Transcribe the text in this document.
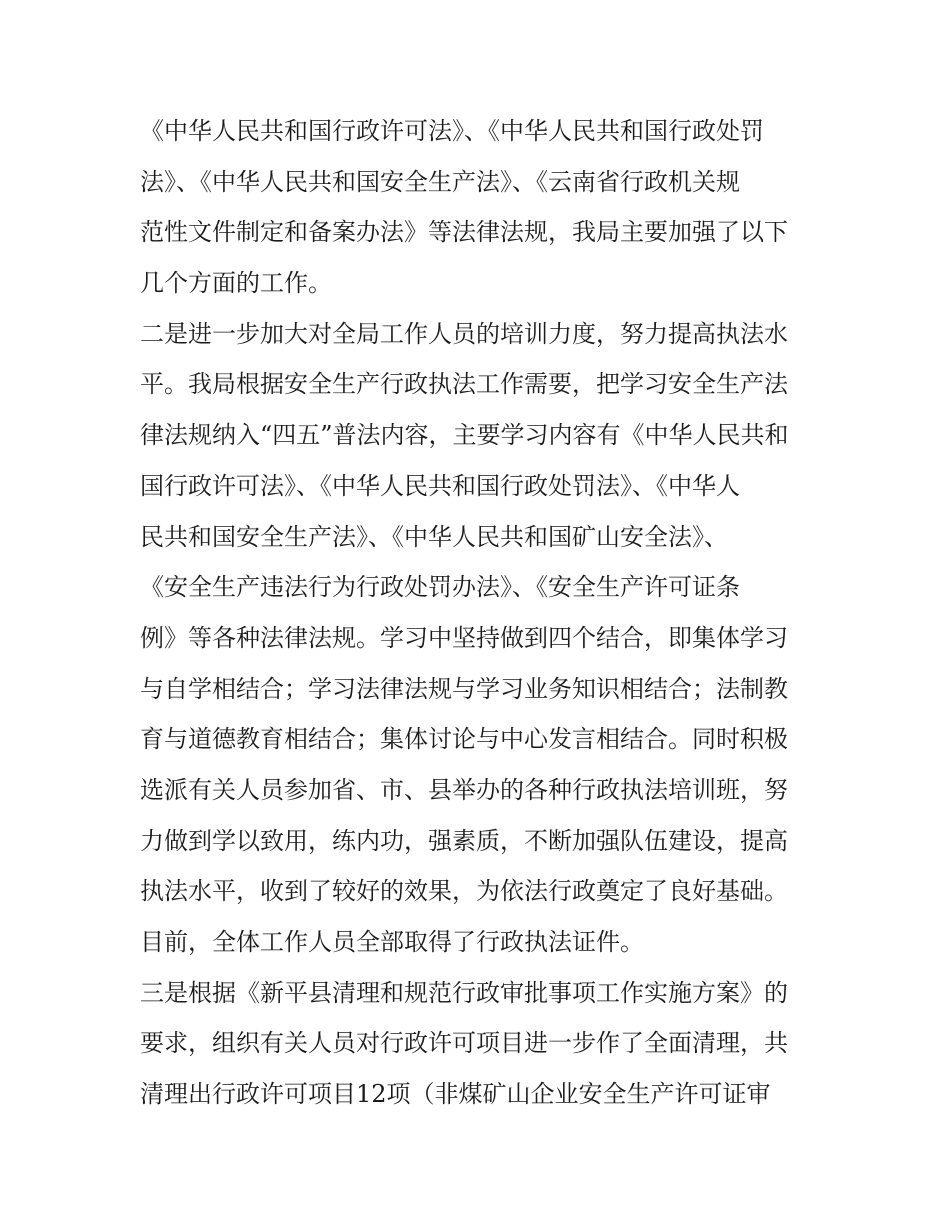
《中华人民共和国行政许可法》、《中华人民共和国行政处罚
法》、《中华人民共和国安全生产法》、《云南省行政机关规
范性文件制定和备案办法》等法律法规，我局主要加强了以下
几个方面的工作。
二是进一步加大对全局工作人员的培训力度，努力提高执法水
平。我局根据安全生产行政执法工作需要，把学习安全生产法
律法规纳入“四五”普法内容，主要学习内容有《中华人民共和
国行政许可法》、《中华人民共和国行政处罚法》、《中华人
民共和国安全生产法》、《中华人民共和国矿山安全法》、
《安全生产违法行为行政处罚办法》、《安全生产许可证条
例》等各种法律法规。学习中坚持做到四个结合，即集体学习
与自学相结合；学习法律法规与学习业务知识相结合；法制教
育与道德教育相结合；集体讨论与中心发言相结合。同时积极
选派有关人员参加省、市、县举办的各种行政执法培训班，努
力做到学以致用，练内功，强素质，不断加强队伍建设，提高
执法水平，收到了较好的效果，为依法行政奠定了良好基础。
目前，全体工作人员全部取得了行政执法证件。
三是根据《新平县清理和规范行政审批事项工作实施方案》的
要求，组织有关人员对行政许可项目进一步作了全面清理，共
清理出行政许可项目12项（非煤矿山企业安全生产许可证审
